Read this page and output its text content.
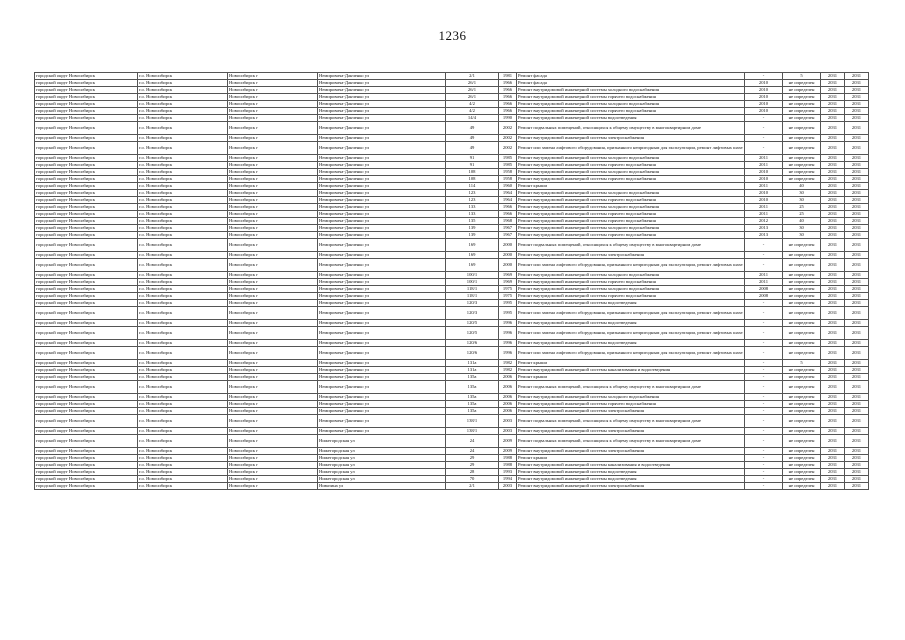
1236
городской округ Новосибирск	г.о. Новосибирск	Новосибирск г	Немировича-Данченко ул	2/1	1981	Ремонт фасада	-	5	2031	2031
городской округ Новосибирск	г.о. Новосибирск	Новосибирск г	Немировича-Данченко ул	26/1	1966	Ремонт фасада	2010	не определен	2031	2031
городской округ Новосибирск	г.о. Новосибирск	Новосибирск г	Немировича-Данченко ул	26/1	1966	Ремонт внутридомовой инженерной системы холодного водоснабжения	2010	не определен	2031	2031
городской округ Новосибирск	г.о. Новосибирск	Новосибирск г	Немировича-Данченко ул	26/1	1966	Ремонт внутридомовой инженерной системы горячего водоснабжения	2010	не определен	2031	2031
городской округ Новосибирск	г.о. Новосибирск	Новосибирск г	Немировича-Данченко ул	4/2	1966	Ремонт внутридомовой инженерной системы холодного водоснабжения	2010	не определен	2031	2031
городской округ Новосибирск	г.о. Новосибирск	Новосибирск г	Немировича-Данченко ул	4/2	1966	Ремонт внутридомовой инженерной системы горячего водоснабжения	2010	не определен	2031	2031
городской округ Новосибирск	г.о. Новосибирск	Новосибирск г	Немировича-Данченко ул	14/4	1990	Ремонт внутридомовой инженерной системы водоотведения	-	не определен	2031	2031
городской округ Новосибирск	г.о. Новосибирск	Новосибирск г	Немировича-Данченко ул	49	2002	Ремонт подвальных помещений, относящихся к общему имуществу в многоквартирном доме	-	не определен	2031	2031
городской округ Новосибирск	г.о. Новосибирск	Новосибирск г	Немировича-Данченко ул	49	2002	Ремонт внутридомовой инженерной системы электроснабжения	-	не определен	2031	2031
городской округ Новосибирск	г.о. Новосибирск	Новосибирск г	Немировича-Данченко ул	49	2002	Ремонт или замена лифтового оборудования, признанного непригодным для эксплуатации, ремонт лифтовых шахт	-	не определен	2031	2031
городской округ Новосибирск	г.о. Новосибирск	Новосибирск г	Немировича-Данченко ул	91	1985	Ремонт внутридомовой инженерной системы холодного водоснабжения	2011	не определен	2031	2031
городской округ Новосибирск	г.о. Новосибирск	Новосибирск г	Немировича-Данченко ул	91	1985	Ремонт внутридомовой инженерной системы горячего водоснабжения	2011	не определен	2031	2031
городской округ Новосибирск	г.о. Новосибирск	Новосибирск г	Немировича-Данченко ул	108	1958	Ремонт внутридомовой инженерной системы холодного водоснабжения	2010	не определен	2031	2031
городской округ Новосибирск	г.о. Новосибирск	Новосибирск г	Немировича-Данченко ул	108	1958	Ремонт внутридомовой инженерной системы горячего водоснабжения	2010	не определен	2031	2031
городской округ Новосибирск	г.о. Новосибирск	Новосибирск г	Немировича-Данченко ул	114	1960	Ремонт крыши	2011	40	2031	2031
городской округ Новосибирск	г.о. Новосибирск	Новосибирск г	Немировича-Данченко ул	123	1964	Ремонт внутридомовой инженерной системы холодного водоснабжения	2010	30	2031	2031
городской округ Новосибирск	г.о. Новосибирск	Новосибирск г	Немировича-Данченко ул	123	1964	Ремонт внутридомовой инженерной системы горячего водоснабжения	2010	30	2031	2031
городской округ Новосибирск	г.о. Новосибирск	Новосибирск г	Немировича-Данченко ул	133	1966	Ремонт внутридомовой инженерной системы холодного водоснабжения	2011	25	2031	2031
городской округ Новосибирск	г.о. Новосибирск	Новосибирск г	Немировича-Данченко ул	133	1966	Ремонт внутридомовой инженерной системы горячего водоснабжения	2011	25	2031	2031
городской округ Новосибирск	г.о. Новосибирск	Новосибирск г	Немировича-Данченко ул	135	1968	Ремонт внутридомовой инженерной системы горячего водоснабжения	2012	40	2031	2031
городской округ Новосибирск	г.о. Новосибирск	Новосибирск г	Немировича-Данченко ул	139	1967	Ремонт внутридомовой инженерной системы холодного водоснабжения	2013	30	2031	2031
городской округ Новосибирск	г.о. Новосибирск	Новосибирск г	Немировича-Данченко ул	139	1967	Ремонт внутридомовой инженерной системы горячего водоснабжения	2013	30	2031	2031
городской округ Новосибирск	г.о. Новосибирск	Новосибирск г	Немировича-Данченко ул	169	2000	Ремонт подвальных помещений, относящихся к общему имуществу в многоквартирном доме	-	не определен	2031	2031
городской округ Новосибирск	г.о. Новосибирск	Новосибирск г	Немировича-Данченко ул	169	2000	Ремонт внутридомовой инженерной системы электроснабжения	-	не определен	2031	2031
городской округ Новосибирск	г.о. Новосибирск	Новосибирск г	Немировича-Данченко ул	169	2000	Ремонт или замена лифтового оборудования, признанного непригодным для эксплуатации, ремонт лифтовых шахт	-	не определен	2031	2031
городской округ Новосибирск	г.о. Новосибирск	Новосибирск г	Немировича-Данченко ул	100/1	1969	Ремонт внутридомовой инженерной системы холодного водоснабжения	2011	не определен	2031	2031
городской округ Новосибирск	г.о. Новосибирск	Новосибирск г	Немировича-Данченко ул	100/1	1969	Ремонт внутридомовой инженерной системы горячего водоснабжения	2011	не определен	2031	2031
городской округ Новосибирск	г.о. Новосибирск	Новосибирск г	Немировича-Данченко ул	118/1	1975	Ремонт внутридомовой инженерной системы холодного водоснабжения	2008	не определен	2031	2031
городской округ Новосибирск	г.о. Новосибирск	Новосибирск г	Немировича-Данченко ул	118/1	1975	Ремонт внутридомовой инженерной системы горячего водоснабжения	2008	не определен	2031	2031
городской округ Новосибирск	г.о. Новосибирск	Новосибирск г	Немировича-Данченко ул	120/3	1995	Ремонт внутридомовой инженерной системы водоотведения	-	не определен	2031	2031
городской округ Новосибирск	г.о. Новосибирск	Новосибирск г	Немировича-Данченко ул	120/3	1995	Ремонт или замена лифтового оборудования, признанного непригодным для эксплуатации, ремонт лифтовых шахт	-	не определен	2031	2031
городской округ Новосибирск	г.о. Новосибирск	Новосибирск г	Немировича-Данченко ул	120/5	1996	Ремонт внутридомовой инженерной системы водоотведения	-	не определен	2031	2031
городской округ Новосибирск	г.о. Новосибирск	Новосибирск г	Немировича-Данченко ул	120/5	1996	Ремонт или замена лифтового оборудования, признанного непригодным для эксплуатации, ремонт лифтовых шахт	-	не определен	2031	2031
городской округ Новосибирск	г.о. Новосибирск	Новосибирск г	Немировича-Данченко ул	120/6	1996	Ремонт внутридомовой инженерной системы водоотведения	-	не определен	2031	2031
городской округ Новосибирск	г.о. Новосибирск	Новосибирск г	Немировича-Данченко ул	120/6	1996	Ремонт или замена лифтового оборудования, признанного непригодным для эксплуатации, ремонт лифтовых шахт	-	не определен	2031	2031
городской округ Новосибирск	г.о. Новосибирск	Новосибирск г	Немировича-Данченко ул	131а	1982	Ремонт крыши	-	5	2031	2031
городской округ Новосибирск	г.о. Новосибирск	Новосибирск г	Немировича-Данченко ул	131а	1982	Ремонт внутридомовой инженерной системы канализования и водоотведения	-	не определен	2031	2031
городской округ Новосибирск	г.о. Новосибирск	Новосибирск г	Немировича-Данченко ул	135а	2006	Ремонт крыши	-	не определен	2031	2031
городской округ Новосибирск	г.о. Новосибирск	Новосибирск г	Немировича-Данченко ул	135а	2006	Ремонт подвальных помещений, относящихся к общему имуществу в многоквартирном доме	-	не определен	2031	2031
городской округ Новосибирск	г.о. Новосибирск	Новосибирск г	Немировича-Данченко ул	135а	2006	Ремонт внутридомовой инженерной системы холодного водоснабжения	-	не определен	2031	2031
городской округ Новосибирск	г.о. Новосибирск	Новосибирск г	Немировича-Данченко ул	135а	2006	Ремонт внутридомовой инженерной системы горячего водоснабжения	-	не определен	2031	2031
городской округ Новосибирск	г.о. Новосибирск	Новосибирск г	Немировича-Данченко ул	135а	2006	Ремонт внутридомовой инженерной системы электроснабжения	-	не определен	2031	2031
городской округ Новосибирск	г.о. Новосибирск	Новосибирск г	Немировича-Данченко ул	138/1	2003	Ремонт подвальных помещений, относящихся к общему имуществу в многоквартирном доме	-	не определен	2031	2031
городской округ Новосибирск	г.о. Новосибирск	Новосибирск г	Немировича-Данченко ул	138/1	2003	Ремонт внутридомовой инженерной системы электроснабжения	-	не определен	2031	2031
городской округ Новосибирск	г.о. Новосибирск	Новосибирск г	Нижегородская ул	24	2009	Ремонт подвальных помещений, относящихся к общему имуществу в многоквартирном доме	-	не определен	2031	2031
городской округ Новосибирск	г.о. Новосибирск	Новосибирск г	Нижегородская ул	24	2009	Ремонт внутридомовой инженерной системы электроснабжения	-	не определен	2031	2031
городской округ Новосибирск	г.о. Новосибирск	Новосибирск г	Нижегородская ул	29	1988	Ремонт крыши	-	не определен	2031	2031
городской округ Новосибирск	г.о. Новосибирск	Новосибирск г	Нижегородская ул	29	1988	Ремонт внутридомовой инженерной системы канализования и водоотведения	-	не определен	2031	2031
городской округ Новосибирск	г.о. Новосибирск	Новосибирск г	Нижегородская ул	28	1993	Ремонт внутридомовой инженерной системы водоотведения	-	не определен	2031	2031
городской округ Новосибирск	г.о. Новосибирск	Новосибирск г	Нижегородская ул	70	1994	Ремонт внутридомовой инженерной системы водоотведения	-	не определен	2031	2031
городской округ Новосибирск	г.о. Новосибирск	Новосибирск г	Нивазина ул	2/1	2003	Ремонт внутридомовой инженерной системы электроснабжения	-	не определен	2031	2031
